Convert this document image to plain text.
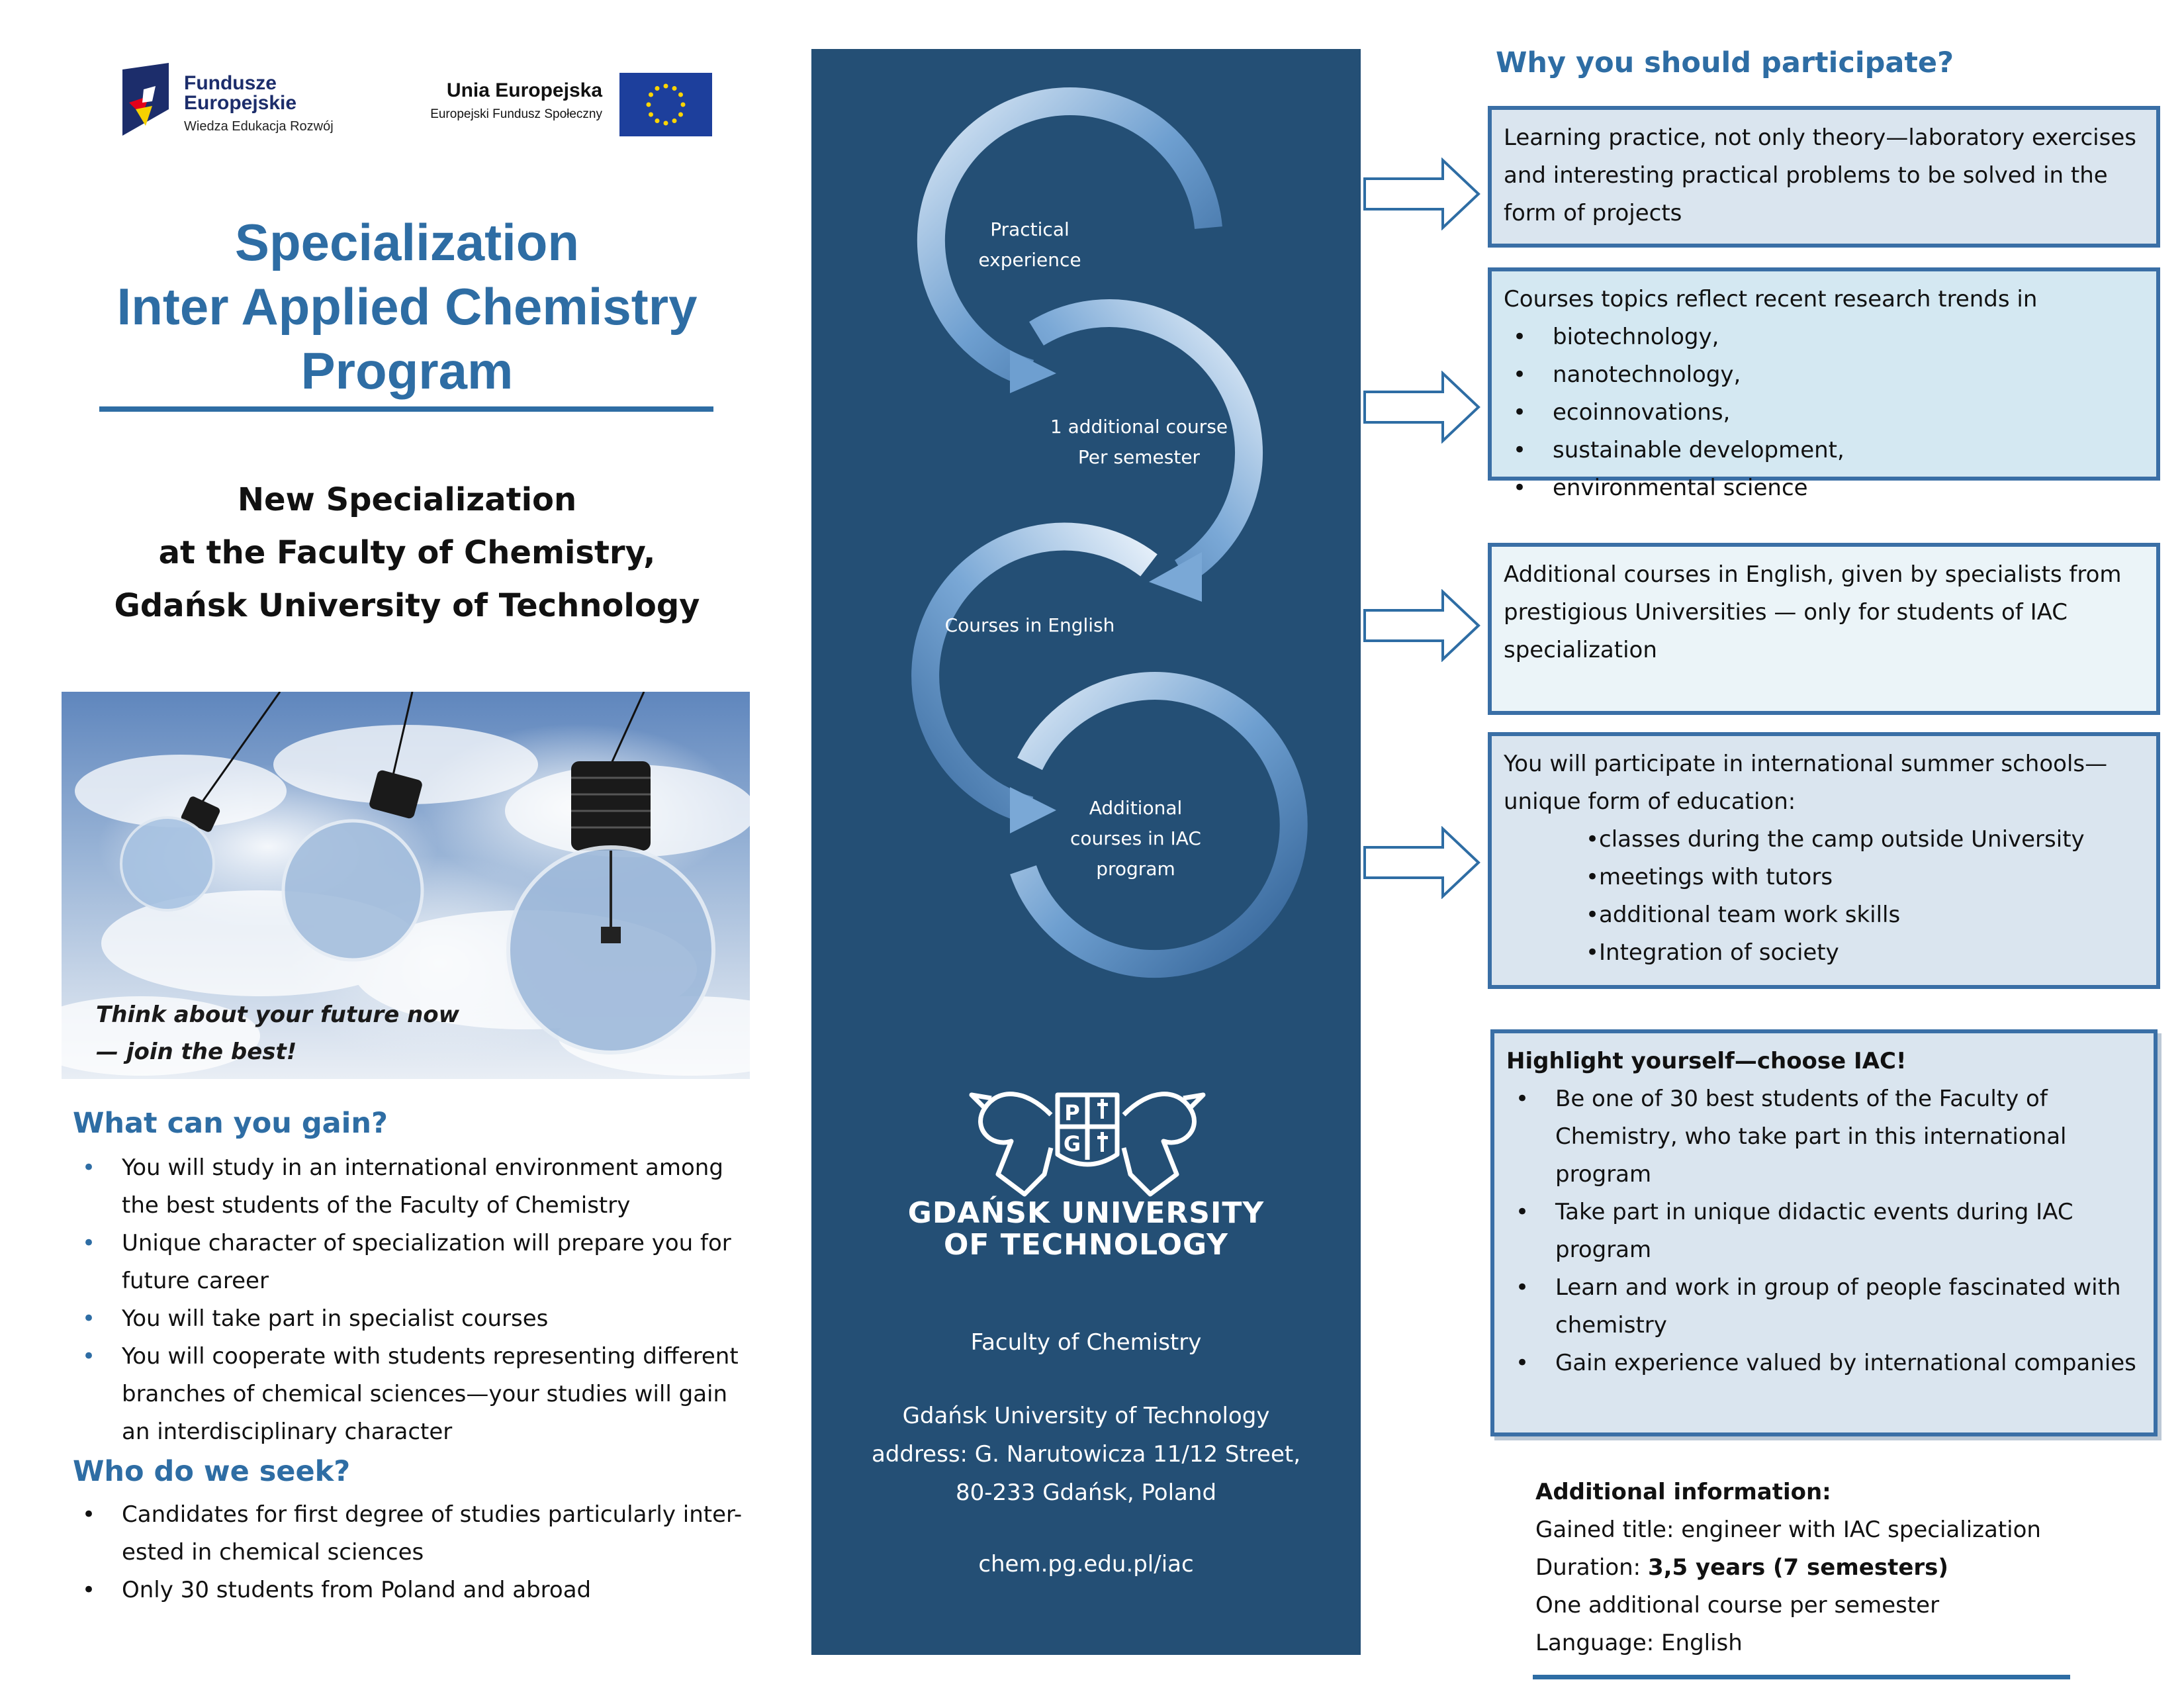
Fundusze
Europejskie
Wiedza Edukacja Rozwój
Unia Europejska
Europejski Fundusz Społeczny
Specialization
Inter Applied Chemistry
Program
New Specialization
at the Faculty of Chemistry,
Gdańsk University of Technology
Think about your future now
— join the best!
What can you gain?
• You will study in an international environment among the best students of the Faculty of Chemistry
• Unique character of specialization will prepare you for future career
• You will take part in specialist courses
• You will cooperate with students representing different branches of chemical sciences—your studies will gain an interdisciplinary character
Who do we seek?
• Candidates for first degree of studies particularly inter-ested in chemical sciences
• Only 30 students from Poland and abroad
Practical
experience
1 additional course
Per semester
Courses in English
Additional
courses in IAC
program
P
G
GDAŃSK UNIVERSITY
OF TECHNOLOGY
Faculty of Chemistry
Gdańsk University of Technology
address: G. Narutowicza 11/12 Street,
80-233 Gdańsk, Poland
chem.pg.edu.pl/iac
Why you should participate?
Learning practice, not only theory—laboratory exercises and interesting practical problems to be solved in the form of projects
Courses topics reflect recent research trends in
• biotechnology,
• nanotechnology,
• ecoinnovations,
• sustainable development,
• environmental science
Additional courses in English, given by specialists from prestigious Universities — only for students of IAC specialization
You will participate in international summer schools—unique form of education:
• classes during the camp outside University
• meetings with tutors
• additional team work skills
• Integration of society
Highlight yourself—choose IAC!
• Be one of 30 best students of the Faculty of Chemistry, who take part in this international program
• Take part in unique didactic events during IAC program
• Learn and work in group of people fascinated with chemistry
• Gain experience valued by international companies
Additional information:
Gained title: engineer with IAC specialization
Duration: 3,5 years (7 semesters)
One additional course per semester
Language: English
